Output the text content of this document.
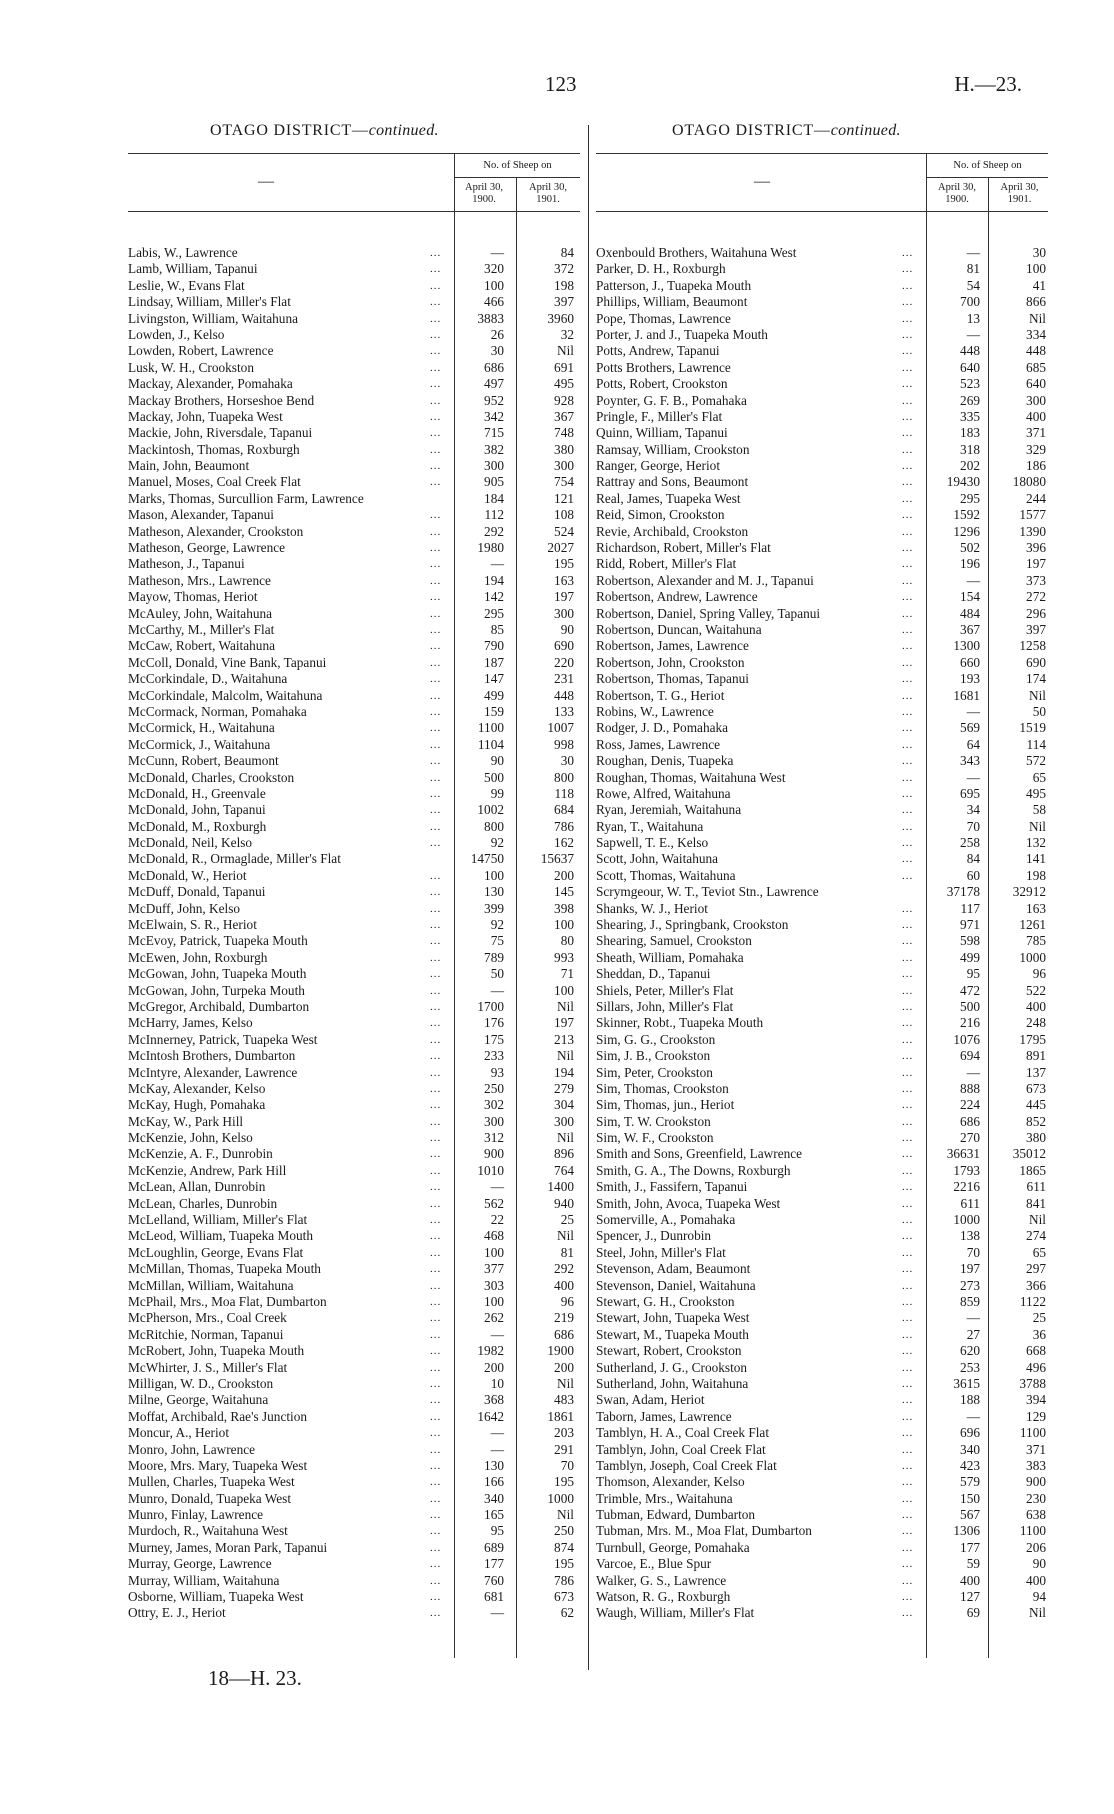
123	H.—23.
OTAGO DISTRICT—continued.	OTAGO DISTRICT—continued.
—
No. of Sheep on
April 30, 1900.
April 30, 1901.
Labis, W., Lawrence	...	—	84
Lamb, William, Tapanui	...	320	372
Leslie, W., Evans Flat	...	100	198
Lindsay, William, Miller's Flat	...	466	397
Livingston, William, Waitahuna	...	3883	3960
Lowden, J., Kelso	...	26	32
Lowden, Robert, Lawrence	...	30	Nil
Lusk, W. H., Crookston	...	686	691
Mackay, Alexander, Pomahaka	...	497	495
Mackay Brothers, Horseshoe Bend	...	952	928
Mackay, John, Tuapeka West	...	342	367
Mackie, John, Riversdale, Tapanui	...	715	748
Mackintosh, Thomas, Roxburgh	...	382	380
Main, John, Beaumont	...	300	300
Manuel, Moses, Coal Creek Flat	...	905	754
Marks, Thomas, Surcullion Farm, Lawrence	184	121
Mason, Alexander, Tapanui	...	112	108
Matheson, Alexander, Crookston	...	292	524
Matheson, George, Lawrence	...	1980	2027
Matheson, J., Tapanui	...	—	195
Matheson, Mrs., Lawrence	...	194	163
Mayow, Thomas, Heriot	...	142	197
McAuley, John, Waitahuna	...	295	300
McCarthy, M., Miller's Flat	...	85	90
McCaw, Robert, Waitahuna	...	790	690
McColl, Donald, Vine Bank, Tapanui	...	187	220
McCorkindale, D., Waitahuna	...	147	231
McCorkindale, Malcolm, Waitahuna	...	499	448
McCormack, Norman, Pomahaka	...	159	133
McCormick, H., Waitahuna	...	1100	1007
McCormick, J., Waitahuna	...	1104	998
McCunn, Robert, Beaumont	...	90	30
McDonald, Charles, Crookston	...	500	800
McDonald, H., Greenvale	...	99	118
McDonald, John, Tapanui	...	1002	684
McDonald, M., Roxburgh	...	800	786
McDonald, Neil, Kelso	...	92	162
McDonald, R., Ormaglade, Miller's Flat	14750	15637
McDonald, W., Heriot	...	100	200
McDuff, Donald, Tapanui	...	130	145
McDuff, John, Kelso	...	399	398
McElwain, S. R., Heriot	...	92	100
McEvoy, Patrick, Tuapeka Mouth	...	75	80
McEwen, John, Roxburgh	...	789	993
McGowan, John, Tuapeka Mouth	...	50	71
McGowan, John, Turpeka Mouth	...	—	100
McGregor, Archibald, Dumbarton	...	1700	Nil
McHarry, James, Kelso	...	176	197
McInnerney, Patrick, Tuapeka West	...	175	213
McIntosh Brothers, Dumbarton	...	233	Nil
McIntyre, Alexander, Lawrence	...	93	194
McKay, Alexander, Kelso	...	250	279
McKay, Hugh, Pomahaka	...	302	304
McKay, W., Park Hill	...	300	300
McKenzie, John, Kelso	...	312	Nil
McKenzie, A. F., Dunrobin	...	900	896
McKenzie, Andrew, Park Hill	...	1010	764
McLean, Allan, Dunrobin	...	—	1400
McLean, Charles, Dunrobin	...	562	940
McLelland, William, Miller's Flat	...	22	25
McLeod, William, Tuapeka Mouth	...	468	Nil
McLoughlin, George, Evans Flat	...	100	81
McMillan, Thomas, Tuapeka Mouth	...	377	292
McMillan, William, Waitahuna	...	303	400
McPhail, Mrs., Moa Flat, Dumbarton	...	100	96
McPherson, Mrs., Coal Creek	...	262	219
McRitchie, Norman, Tapanui	...	—	686
McRobert, John, Tuapeka Mouth	...	1982	1900
McWhirter, J. S., Miller's Flat	...	200	200
Milligan, W. D., Crookston	...	10	Nil
Milne, George, Waitahuna	...	368	483
Moffat, Archibald, Rae's Junction	...	1642	1861
Moncur, A., Heriot	...	—	203
Monro, John, Lawrence	...	—	291
Moore, Mrs. Mary, Tuapeka West	...	130	70
Mullen, Charles, Tuapeka West	...	166	195
Munro, Donald, Tuapeka West	...	340	1000
Munro, Finlay, Lawrence	...	165	Nil
Murdoch, R., Waitahuna West	...	95	250
Murney, James, Moran Park, Tapanui	...	689	874
Murray, George, Lawrence	...	177	195
Murray, William, Waitahuna	...	760	786
Osborne, William, Tuapeka West	...	681	673
Ottry, E. J., Heriot	...	—	62
—
No. of Sheep on
April 30, 1900.
April 30, 1901.
Oxenbould Brothers, Waitahuna West	...	—	30
Parker, D. H., Roxburgh	...	81	100
Patterson, J., Tuapeka Mouth	...	54	41
Phillips, William, Beaumont	...	700	866
Pope, Thomas, Lawrence	...	13	Nil
Porter, J. and J., Tuapeka Mouth	...	—	334
Potts, Andrew, Tapanui	...	448	448
Potts Brothers, Lawrence	...	640	685
Potts, Robert, Crookston	...	523	640
Poynter, G. F. B., Pomahaka	...	269	300
Pringle, F., Miller's Flat	...	335	400
Quinn, William, Tapanui	...	183	371
Ramsay, William, Crookston	...	318	329
Ranger, George, Heriot	...	202	186
Rattray and Sons, Beaumont	...	19430	18080
Real, James, Tuapeka West	...	295	244
Reid, Simon, Crookston	...	1592	1577
Revie, Archibald, Crookston	...	1296	1390
Richardson, Robert, Miller's Flat	...	502	396
Ridd, Robert, Miller's Flat	...	196	197
Robertson, Alexander and M. J., Tapanui	...	—	373
Robertson, Andrew, Lawrence	...	154	272
Robertson, Daniel, Spring Valley, Tapanui	...	484	296
Robertson, Duncan, Waitahuna	...	367	397
Robertson, James, Lawrence	...	1300	1258
Robertson, John, Crookston	...	660	690
Robertson, Thomas, Tapanui	...	193	174
Robertson, T. G., Heriot	...	1681	Nil
Robins, W., Lawrence	...	—	50
Rodger, J. D., Pomahaka	...	569	1519
Ross, James, Lawrence	...	64	114
Roughan, Denis, Tuapeka	...	343	572
Roughan, Thomas, Waitahuna West	...	—	65
Rowe, Alfred, Waitahuna	...	695	495
Ryan, Jeremiah, Waitahuna	...	34	58
Ryan, T., Waitahuna	...	70	Nil
Sapwell, T. E., Kelso	...	258	132
Scott, John, Waitahuna	...	84	141
Scott, Thomas, Waitahuna	...	60	198
Scrymgeour, W. T., Teviot Stn., Lawrence	37178	32912
Shanks, W. J., Heriot	...	117	163
Shearing, J., Springbank, Crookston	...	971	1261
Shearing, Samuel, Crookston	...	598	785
Sheath, William, Pomahaka	...	499	1000
Sheddan, D., Tapanui	...	95	96
Shiels, Peter, Miller's Flat	...	472	522
Sillars, John, Miller's Flat	...	500	400
Skinner, Robt., Tuapeka Mouth	...	216	248
Sim, G. G., Crookston	...	1076	1795
Sim, J. B., Crookston	...	694	891
Sim, Peter, Crookston	...	—	137
Sim, Thomas, Crookston	...	888	673
Sim, Thomas, jun., Heriot	...	224	445
Sim, T. W. Crookston	...	686	852
Sim, W. F., Crookston	...	270	380
Smith and Sons, Greenfield, Lawrence	...	36631	35012
Smith, G. A., The Downs, Roxburgh	...	1793	1865
Smith, J., Fassifern, Tapanui	...	2216	611
Smith, John, Avoca, Tuapeka West	...	611	841
Somerville, A., Pomahaka	...	1000	Nil
Spencer, J., Dunrobin	...	138	274
Steel, John, Miller's Flat	...	70	65
Stevenson, Adam, Beaumont	...	197	297
Stevenson, Daniel, Waitahuna	...	273	366
Stewart, G. H., Crookston	...	859	1122
Stewart, John, Tuapeka West	...	—	25
Stewart, M., Tuapeka Mouth	...	27	36
Stewart, Robert, Crookston	...	620	668
Sutherland, J. G., Crookston	...	253	496
Sutherland, John, Waitahuna	...	3615	3788
Swan, Adam, Heriot	...	188	394
Taborn, James, Lawrence	...	—	129
Tamblyn, H. A., Coal Creek Flat	...	696	1100
Tamblyn, John, Coal Creek Flat	...	340	371
Tamblyn, Joseph, Coal Creek Flat	...	423	383
Thomson, Alexander, Kelso	...	579	900
Trimble, Mrs., Waitahuna	...	150	230
Tubman, Edward, Dumbarton	...	567	638
Tubman, Mrs. M., Moa Flat, Dumbarton	...	1306	1100
Turnbull, George, Pomahaka	...	177	206
Varcoe, E., Blue Spur	...	59	90
Walker, G. S., Lawrence	...	400	400
Watson, R. G., Roxburgh	...	127	94
Waugh, William, Miller's Flat	...	69	Nil
18—H. 23.
